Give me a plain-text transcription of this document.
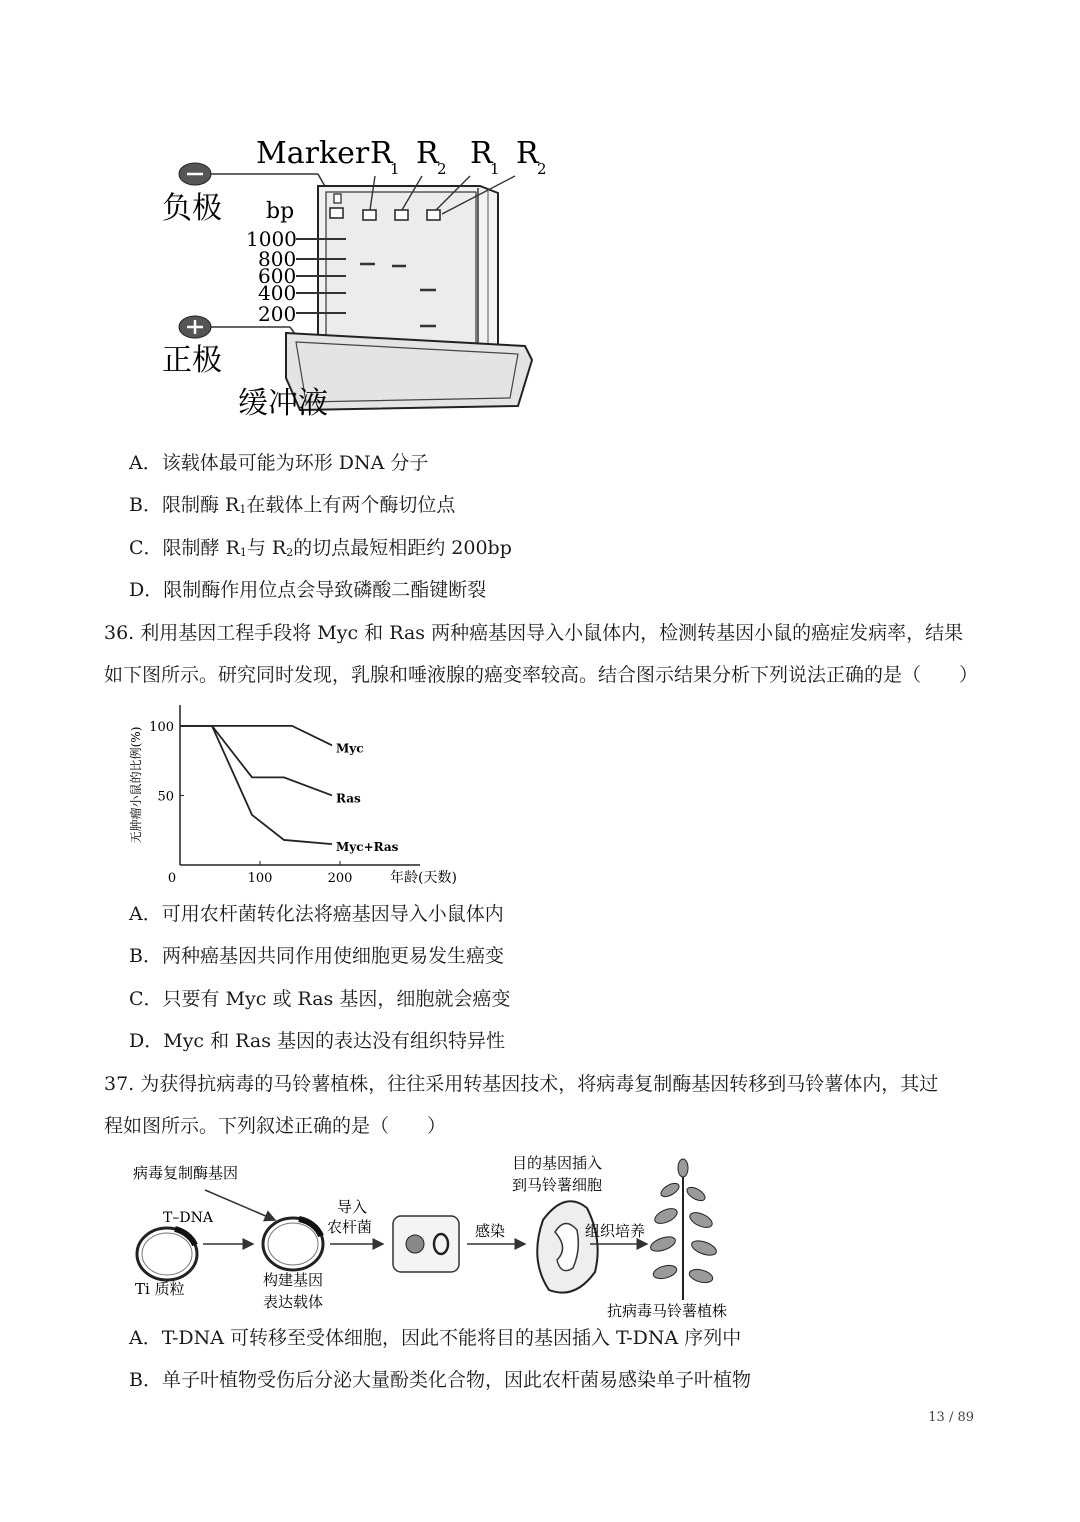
Marker R
1 R
2 R
1 R
2
负极 bp
1000
800
600
400
200
正极
缓冲液
A．该载体最可能为环形 DNA 分子
B．限制酶 R1在载体上有两个酶切位点
C．限制酵 R1与 R2的切点最短相距约 200bp
D．限制酶作用位点会导致磷酸二酯键断裂
36. 利用基因工程手段将 Myc 和 Ras 两种癌基因导入小鼠体内，检测转基因小鼠的癌症发病率，结果
如下图所示。研究同时发现，乳腺和唾液腺的癌变率较高。结合图示结果分析下列说法正确的是（　　）
无肿瘤小鼠的比例(%)
年龄(天数)
0	100	200
100
50
Myc
Ras
Myc+Ras
A．可用农杆菌转化法将癌基因导入小鼠体内
B．两种癌基因共同作用使细胞更易发生癌变
C．只要有 Myc 或 Ras 基因，细胞就会癌变
D．Myc 和 Ras 基因的表达没有组织特异性
37. 为获得抗病毒的马铃薯植株，往往采用转基因技术，将病毒复制酶基因转移到马铃薯体内，其过
程如图所示。下列叙述正确的是（　　）
病毒复制酶基因
T–DNA
Ti 质粒	构建基因
表达载体
导入
农杆菌	感染
目的基因插入
到马铃薯细胞
组织培养
抗病毒马铃薯植株
A．T-DNA 可转移至受体细胞，因此不能将目的基因插入 T-DNA 序列中
B．单子叶植物受伤后分泌大量酚类化合物，因此农杆菌易感染单子叶植物
13 / 89
